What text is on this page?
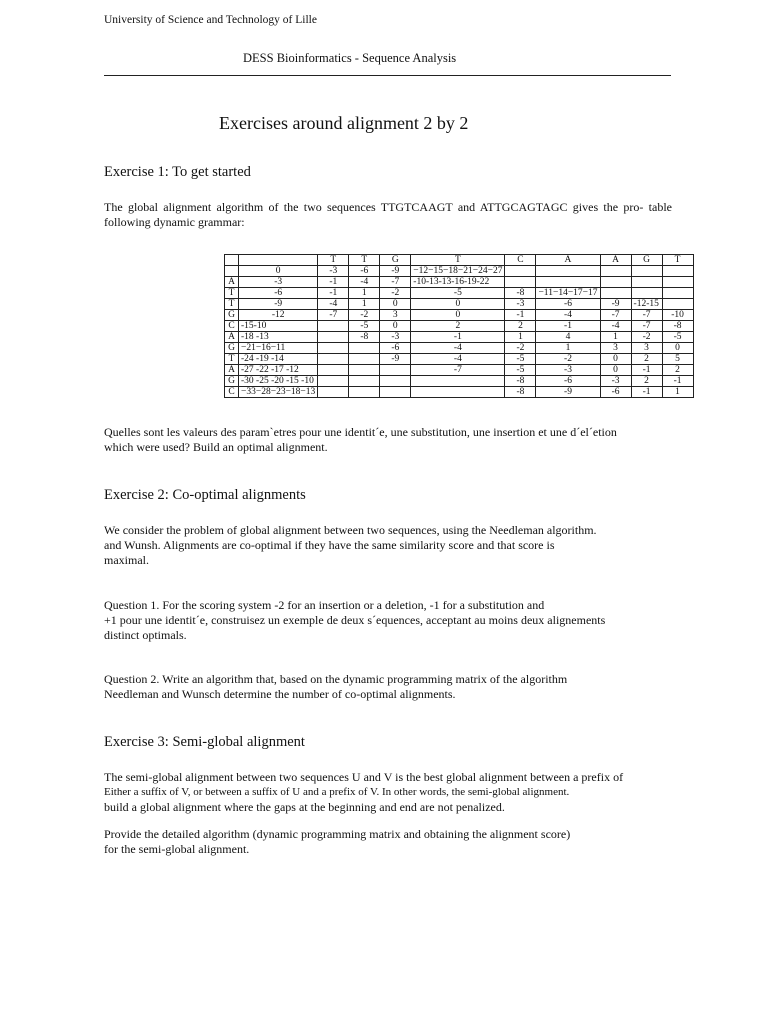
University of Science and Technology of Lille
DESS Bioinformatics - Sequence Analysis
Exercises around alignment 2 by 2
Exercise 1: To get started
The global alignment algorithm of the two sequences TTGTCAAGT and ATTGCAGTAGC gives the pro- table
following dynamic grammar:
		T	T	G	T	C	A	A	G	T
	0	-3	-6	-9	−12−15−18−21−24−27					
A	-3	-1	-4	-7	-10-13-13-16-19-22					
T	-6	-1	1	-2	-5	-8	−11−14−17−17			
T	-9	-4	1	0	0	-3	-6	-9	-12-15	
G	-12	-7	-2	3	0	-1	-4	-7	-7	-10
C	-15-10		-5	0	2	2	-1	-4	-7	-8
A	-18 -13		-8	-3	-1	1	4	1	-2	-5
G	−21−16−11			-6	-4	-2	1	3	3	0
T	-24 -19 -14			-9	-4	-5	-2	0	2	5
A	-27 -22 -17 -12				-7	-5	-3	0	-1	2
G	-30 -25 -20 -15 -10					-8	-6	-3	2	-1
C	−33−28−23−18−13					-8	-9	-6	-1	1
Quelles sont les valeurs des param`etres pour une identit´e, une substitution, une insertion et une d´el´etion
which were used? Build an optimal alignment.
Exercise 2: Co-optimal alignments
We consider the problem of global alignment between two sequences, using the Needleman algorithm.
and Wunsh. Alignments are co-optimal if they have the same similarity score and that score is
maximal.
Question 1. For the scoring system -2 for an insertion or a deletion, -1 for a substitution and
+1 pour une identit´e, construisez un exemple de deux s´equences, acceptant au moins deux alignements
distinct optimals.
Question 2. Write an algorithm that, based on the dynamic programming matrix of the algorithm
Needleman and Wunsch determine the number of co-optimal alignments.
Exercise 3: Semi-global alignment
The semi-global alignment between two sequences U and V is the best global alignment between a prefix of
Either a suffix of V, or between a suffix of U and a prefix of V. In other words, the semi-global alignment.
build a global alignment where the gaps at the beginning and end are not penalized.
Provide the detailed algorithm (dynamic programming matrix and obtaining the alignment score)
for the semi-global alignment.
